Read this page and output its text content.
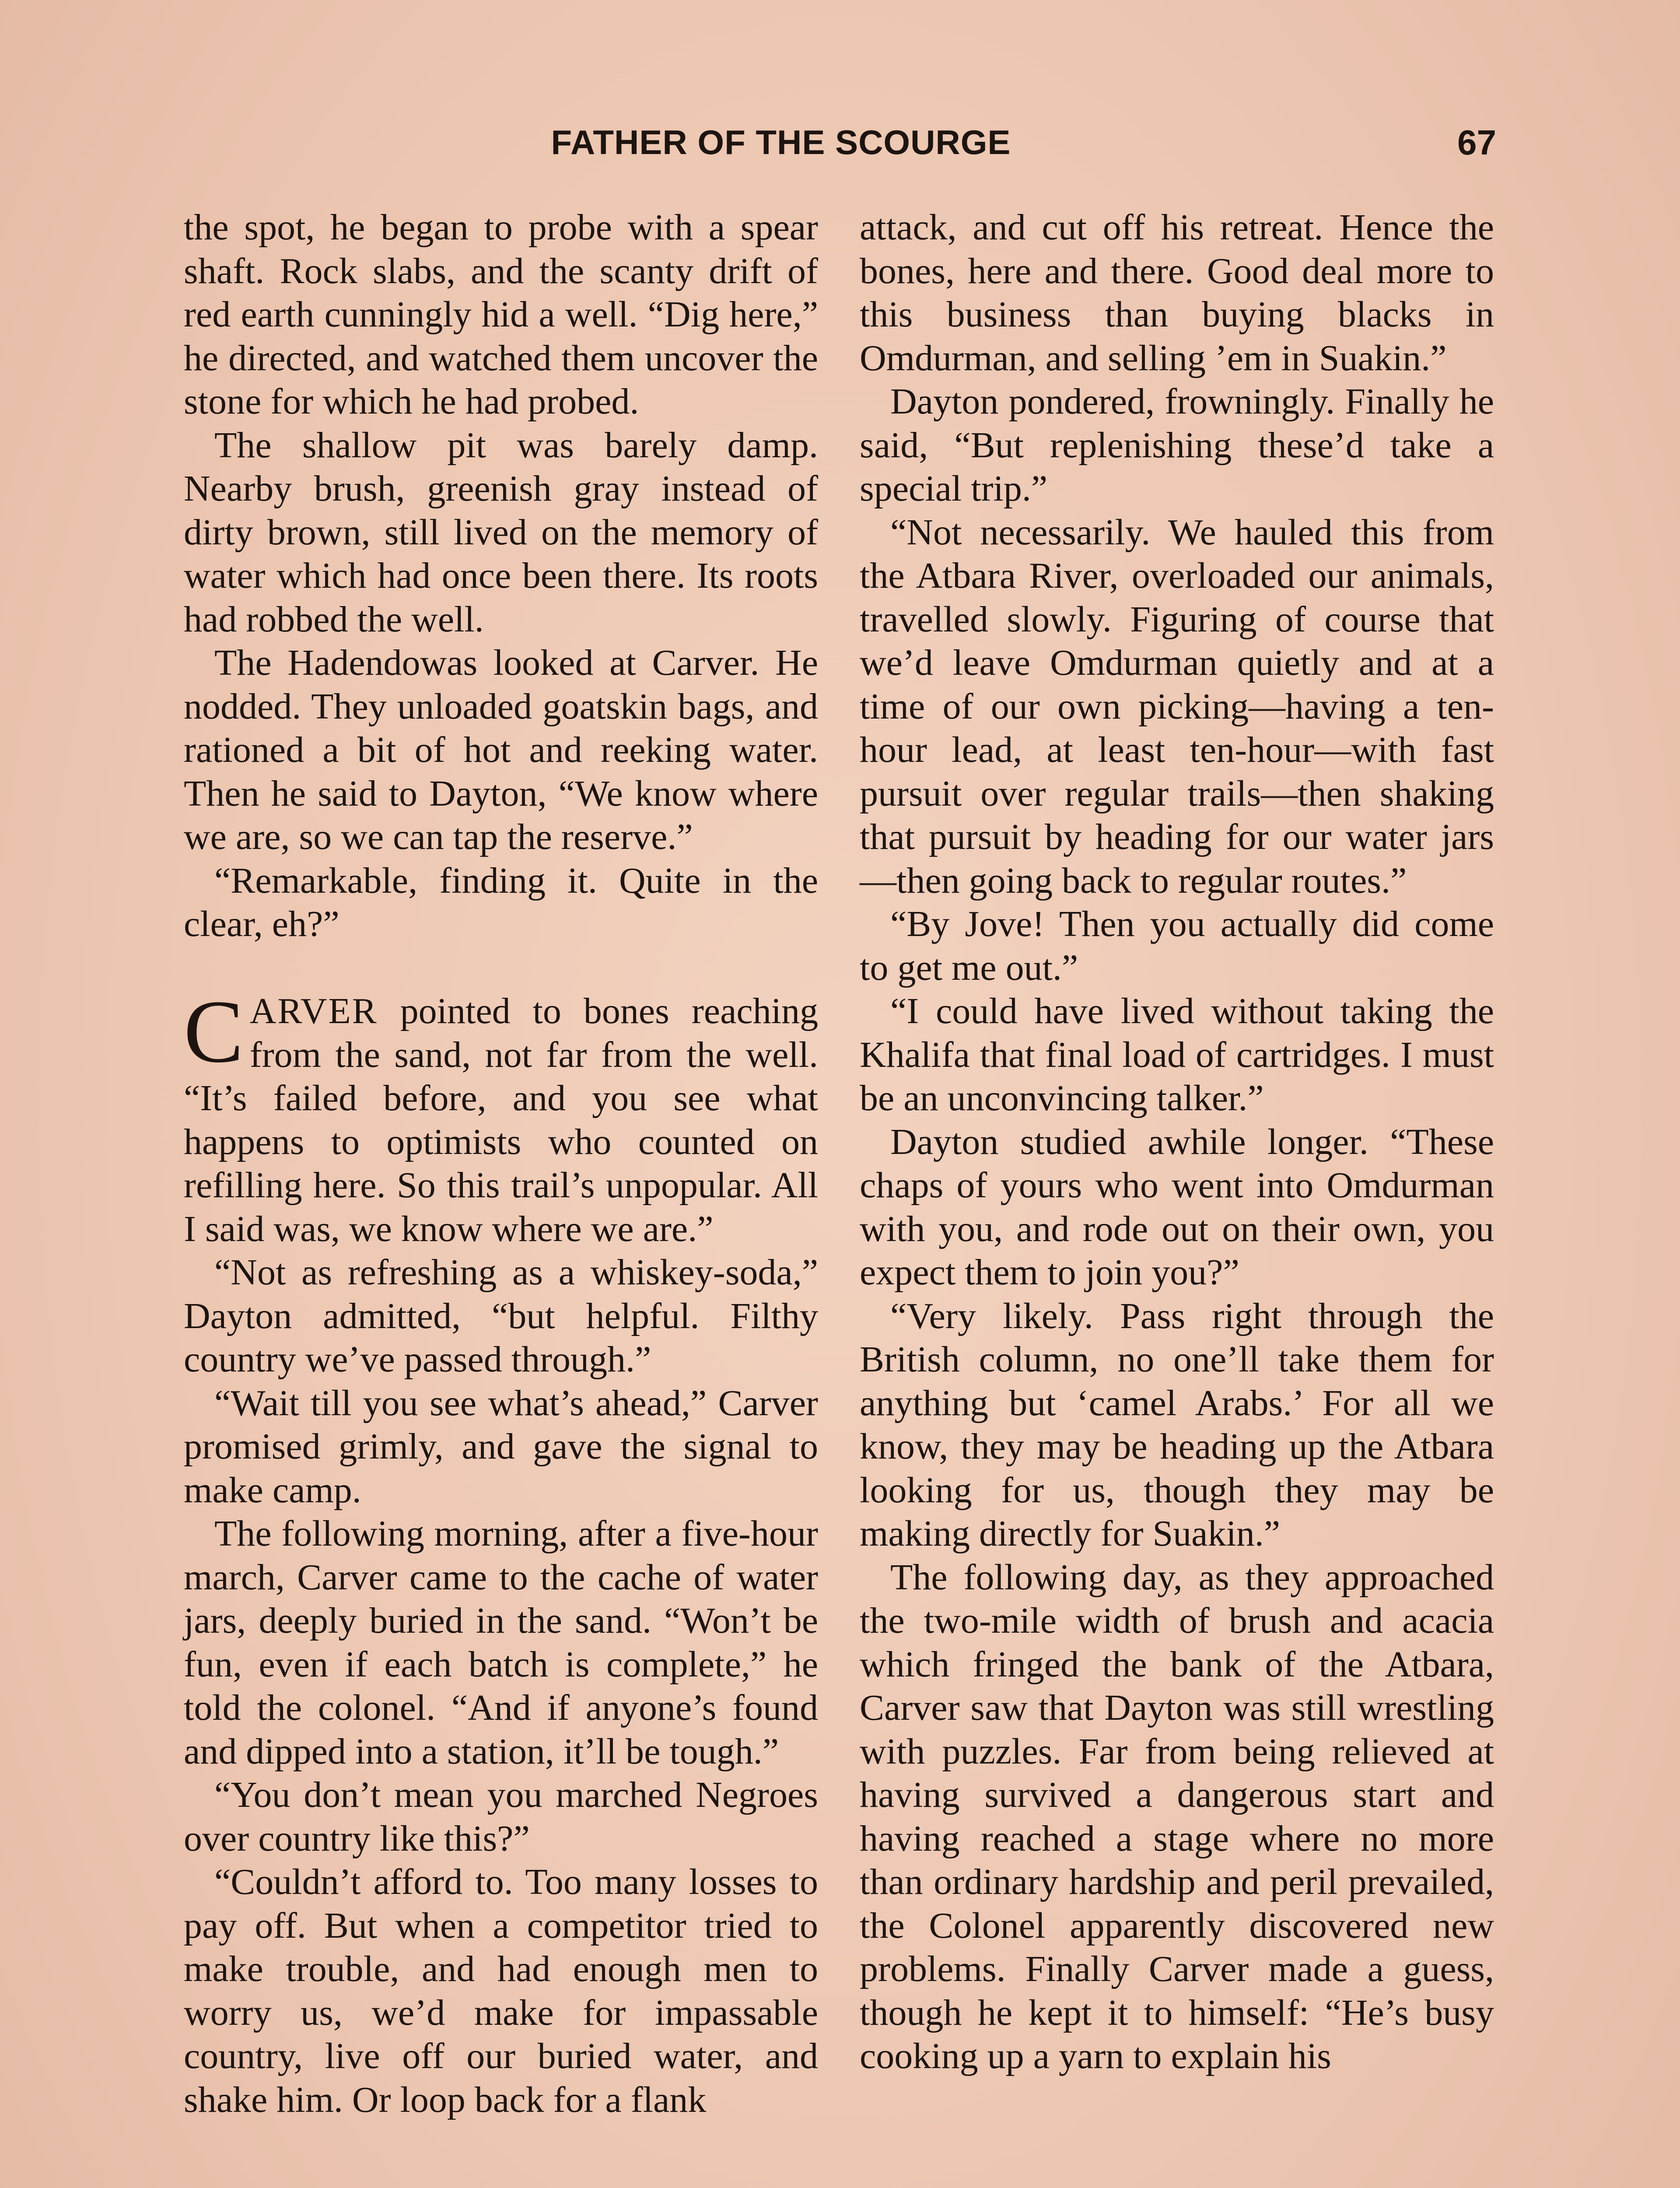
FATHER OF THE SCOURGE	67

the spot, he began to probe with a spear shaft. Rock slabs, and the scanty drift of red earth cunningly hid a well. “Dig here,” he directed, and watched them uncover the stone for which he had probed.

The shallow pit was barely damp. Nearby brush, greenish gray instead of dirty brown, still lived on the memory of water which had once been there. Its roots had robbed the well.

The Hadendowas looked at Carver. He nodded. They unloaded goatskin bags, and rationed a bit of hot and reeking water. Then he said to Dayton, “We know where we are, so we can tap the reserve.”

“Remarkable, finding it. Quite in the clear, eh?”

CARVER pointed to bones reaching from the sand, not far from the well. “It’s failed before, and you see what happens to optimists who counted on refilling here. So this trail’s unpopular. All I said was, we know where we are.”

“Not as refreshing as a whiskey-soda,” Dayton admitted, “but helpful. Filthy country we’ve passed through.”

“Wait till you see what’s ahead,” Carver promised grimly, and gave the signal to make camp.

The following morning, after a five-hour march, Carver came to the cache of water jars, deeply buried in the sand. “Won’t be fun, even if each batch is complete,” he told the colonel. “And if anyone’s found and dipped into a station, it’ll be tough.”

“You don’t mean you marched Negroes over country like this?”

“Couldn’t afford to. Too many losses to pay off. But when a competitor tried to make trouble, and had enough men to worry us, we’d make for impassable country, live off our buried water, and shake him. Or loop back for a flank

attack, and cut off his retreat. Hence the bones, here and there. Good deal more to this business than buying blacks in Omdurman, and selling ’em in Suakin.”

Dayton pondered, frowningly. Finally he said, “But replenishing these’d take a special trip.”

“Not necessarily. We hauled this from the Atbara River, overloaded our animals, travelled slowly. Figuring of course that we’d leave Omdurman quietly and at a time of our own picking—having a ten-hour lead, at least ten-hour—with fast pursuit over regular trails—then shaking that pursuit by heading for our water jars—then going back to regular routes.”

“By Jove! Then you actually did come to get me out.”

“I could have lived without taking the Khalifa that final load of cartridges. I must be an unconvincing talker.”

Dayton studied awhile longer. “These chaps of yours who went into Omdurman with you, and rode out on their own, you expect them to join you?”

“Very likely. Pass right through the British column, no one’ll take them for anything but ‘camel Arabs.’ For all we know, they may be heading up the Atbara looking for us, though they may be making directly for Suakin.”

The following day, as they approached the two-mile width of brush and acacia which fringed the bank of the Atbara, Carver saw that Dayton was still wrestling with puzzles. Far from being relieved at having survived a dangerous start and having reached a stage where no more than ordinary hardship and peril prevailed, the Colonel apparently discovered new problems. Finally Carver made a guess, though he kept it to himself: “He’s busy cooking up a yarn to explain his
